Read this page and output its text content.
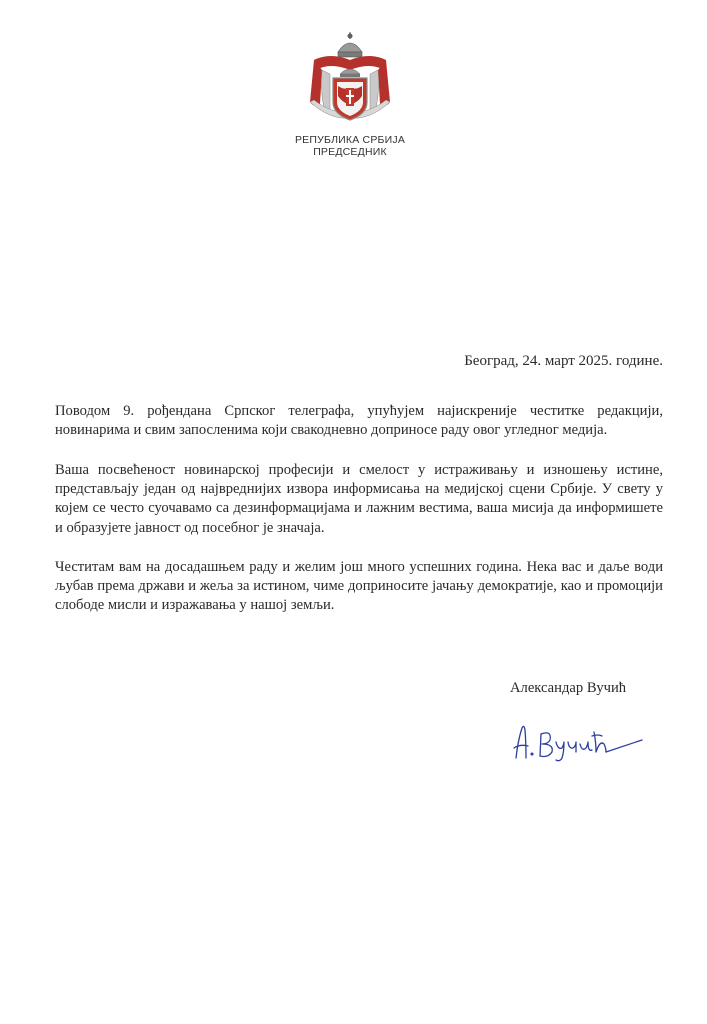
РЕПУБЛИКА СРБИЈА
ПРЕДСЕДНИК
Београд, 24. март 2025. године.

Поводом 9. рођендана Српског телеграфа, упућујем најискреније честитке редакцији, новинарима и свим запосленима који свакодневно доприносе раду овог угледног медија.

Ваша посвећеност новинарској професији и смелост у истраживању и изношењу истине, представљају један од највреднијих извора информисања на медијској сцени Србије. У свету у којем се често суочавамо са дезинформацијама и лажним вестима, ваша мисија да информишете и образујете јавност од посебног је значаја.

Честитам вам на досадашњем раду и желим још много успешних година. Нека вас и даље води љубав према држави и жеља за истином, чиме доприносите јачању демократије, као и промоцији слободе мисли и изражавања у нашој земљи.

Александар Вучић
